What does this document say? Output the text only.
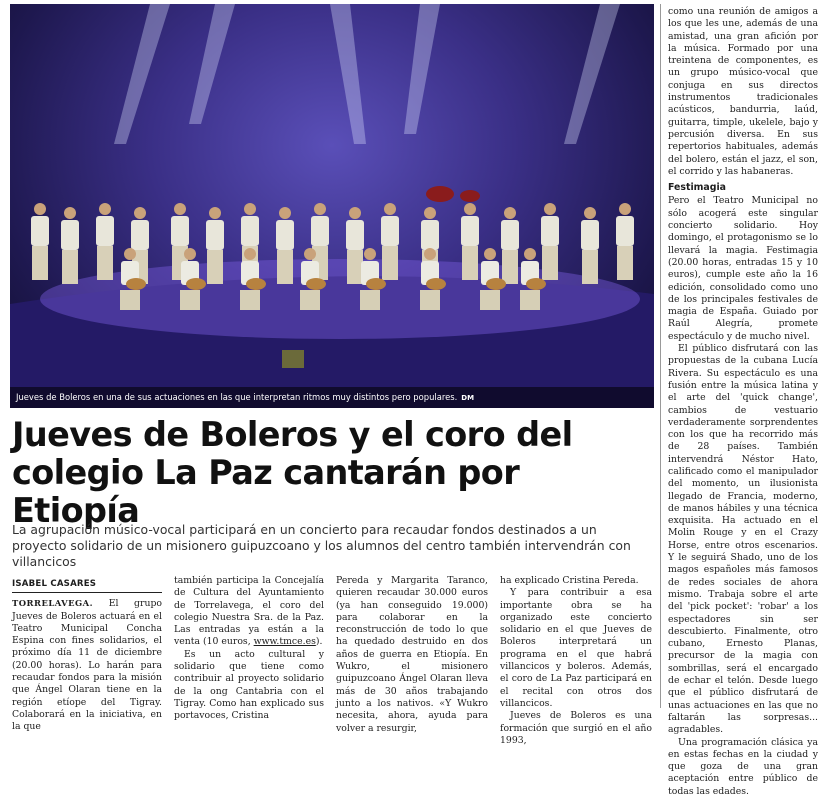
Jueves de Boleros en una de sus actuaciones en las que interpretan ritmos muy distintos pero populares. DM
Jueves de Boleros y el coro del colegio La Paz cantarán por Etiopía

La agrupación músico-vocal participará en un concierto para recaudar fondos destinados a un proyecto solidario de un misionero guipuzcoano y los alumnos del centro también intervendrán con villancicos

ISABEL CASARES

TORRELAVEGA. El grupo Jueves de Boleros actuará en el Teatro Municipal Concha Espina con fines solidarios, el próximo día 11 de diciembre (20.00 horas). Lo harán para recaudar fondos para la misión que Ángel Olaran tiene en la región etíope del Tigray. Colaborará en la iniciativa, en la que

también participa la Concejalía de Cultura del Ayuntamiento de Torrelavega, el coro del colegio Nuestra Sra. de la Paz. Las entradas ya están a la venta (10 euros, www.tmce.es).

Es un acto cultural y solidario que tiene como contribuir al proyecto solidario de la ong Cantabria con el Tigray. Como han explicado sus portavoces, Cristina

Pereda y Margarita Taranco, quieren recaudar 30.000 euros (ya han conseguido 19.000) para colaborar en la reconstrucción de todo lo que ha quedado destruido en dos años de guerra en Etiopía. En Wukro, el misionero guipuzcoano Ángel Olaran lleva más de 30 años trabajando junto a los nativos. «Y Wukro necesita, ahora, ayuda para volver a resurgir,

ha explicado Cristina Pereda.

Y para contribuir a esa importante obra se ha organizado este concierto solidario en el que Jueves de Boleros interpretará un programa en el que habrá villancicos y boleros. Además, el coro de La Paz participará en el recital con otros dos villancicos.

Jueves de Boleros es una formación que surgió en el año 1993,

como una reunión de amigos a los que les une, además de una amistad, una gran afición por la música. Formado por una treintena de componentes, es un grupo músico-vocal que conjuga en sus directos instrumentos tradicionales acústicos, bandurria, laúd, guitarra, timple, ukelele, bajo y percusión diversa. En sus repertorios habituales, además del bolero, están el jazz, el son, el corrido y las habaneras.

Festimagia

Pero el Teatro Municipal no sólo acogerá este singular concierto solidario. Hoy domingo, el protagonismo se lo llevará la magia. Festimagia (20.00 horas, entradas 15 y 10 euros), cumple este año la 16 edición, consolidado como uno de los principales festivales de magia de España. Guiado por Raúl Alegría, promete espectáculo y de mucho nivel.

El público disfrutará con las propuestas de la cubana Lucía Rivera. Su espectáculo es una fusión entre la música latina y el arte del 'quick change', cambios de vestuario verdaderamente sorprendentes con los que ha recorrido más de 28 países. También intervendrá Néstor Hato, calificado como el manipulador del momento, un ilusionista llegado de Francia, moderno, de manos hábiles y una técnica exquisita. Ha actuado en el Molin Rouge y en el Crazy Horse, entre otros escenarios. Y le seguirá Shado, uno de los magos españoles más famosos de redes sociales de ahora mismo. Trabaja sobre el arte del 'pick pocket': 'robar' a los espectadores sin ser descubierto. Finalmente, otro cubano, Ernesto Planas, precursor de la magia con sombrillas, será el encargado de echar el telón. Desde luego que el público disfrutará de unas actuaciones en las que no faltarán las sorpresas... agradables.

Una programación clásica ya en estas fechas en la ciudad y que goza de una gran aceptación entre público de todas las edades.
